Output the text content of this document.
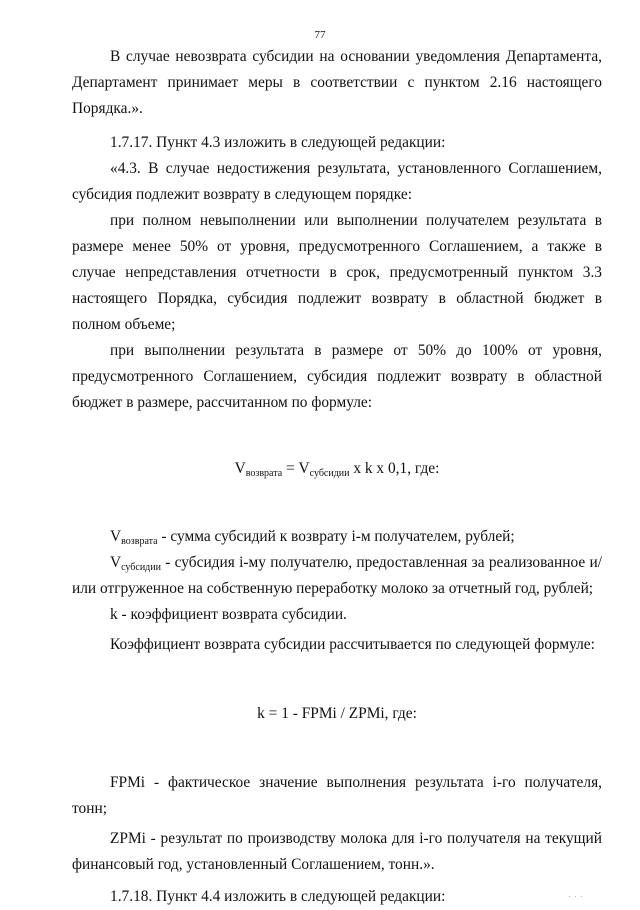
77

В случае невозврата субсидии на основании уведомления Департамента, Департамент принимает меры в соответствии с пунктом 2.16 настоящего Порядка.».

1.7.17. Пункт 4.3 изложить в следующей редакции:

«4.3. В случае недостижения результата, установленного Соглашением, субсидия подлежит возврату в следующем порядке:

при полном невыполнении или выполнении получателем результата в размере менее 50% от уровня, предусмотренного Соглашением, а также в случае непредставления отчетности в срок, предусмотренный пунктом 3.3 настоящего Порядка, субсидия подлежит возврату в областной бюджет в полном объеме;

при выполнении результата в размере от 50% до 100% от уровня, предусмотренного Соглашением, субсидия подлежит возврату в областной бюджет в размере, рассчитанном по формуле:

$V_{возврата} = V_{субсидии}$ x k x 0,1, где:

$V_{возврата}$ - сумма субсидий к возврату i-м получателем, рублей;

$V_{субсидии}$ - субсидия i-му получателю, предоставленная за реализованное и/или отгруженное на собственную переработку молоко за отчетный год, рублей;

k - коэффициент возврата субсидии.

Коэффициент возврата субсидии рассчитывается по следующей формуле:

k = 1 - FPMi / ZPMi, где:

FPMi - фактическое значение выполнения результата i-го получателя, тонн;

ZPMi - результат по производству молока для i-го получателя на текущий финансовый год, установленный Соглашением, тонн.».

1.7.18. Пункт 4.4 изложить в следующей редакции:	· · ·
